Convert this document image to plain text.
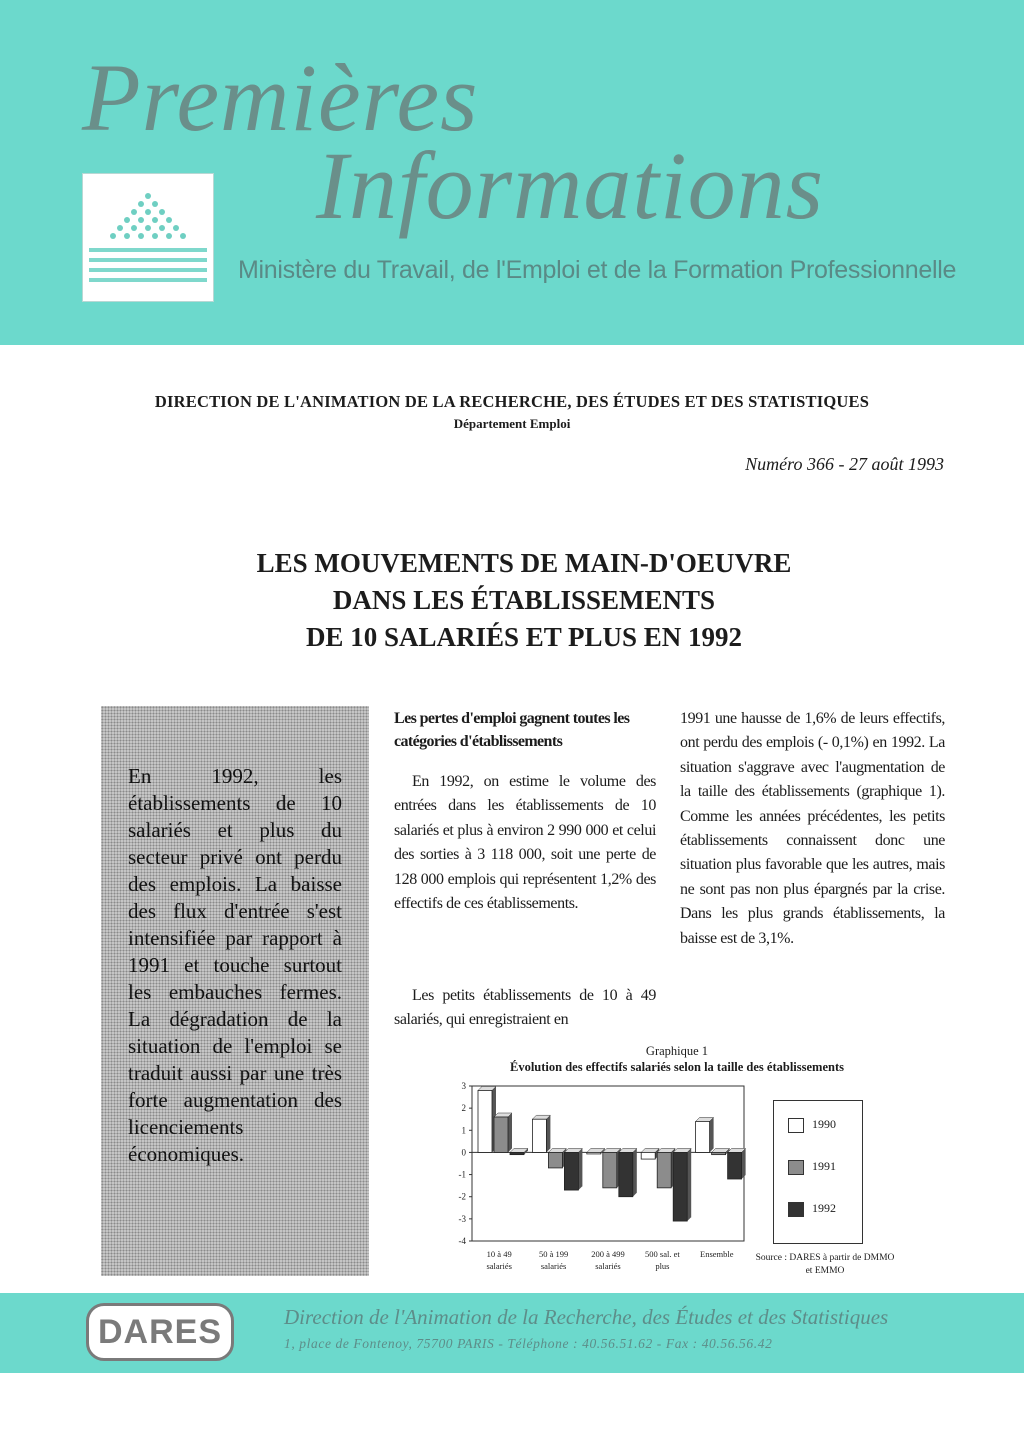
Premières
Informations
Ministère du Travail, de l'Emploi et de la Formation Professionnelle
DIRECTION DE L'ANIMATION DE LA RECHERCHE, DES ÉTUDES ET DES STATISTIQUES
Département Emploi
Numéro 366 - 27 août 1993
LES MOUVEMENTS DE MAIN-D'OEUVRE
DANS LES ÉTABLISSEMENTS
DE 10 SALARIÉS ET PLUS EN 1992
En 1992, les établissements de 10 salariés et plus du secteur privé ont perdu des emplois. La baisse des flux d'entrée s'est intensifiée par rapport à 1991 et touche surtout les embauches fermes. La dégradation de la situation de l'emploi se traduit aussi par une très forte augmentation des licenciements économiques.
Les pertes d'emploi gagnent toutes les catégories d'établissements
En 1992, on estime le volume des entrées dans les établissements de 10 salariés et plus à environ 2 990 000 et celui des sorties à 3 118 000, soit une perte de 128 000 emplois qui représentent 1,2% des effectifs de ces établissements.
Les petits établissements de 10 à 49 salariés, qui enregistraient en
1991 une hausse de 1,6% de leurs effectifs, ont perdu des emplois (- 0,1%) en 1992. La situation s'aggrave avec l'augmentation de la taille des établissements (graphique 1). Comme les années précédentes, les petits établissements connaissent donc une situation plus favorable que les autres, mais ne sont pas non plus épargnés par la crise. Dans les plus grands établissements, la baisse est de 3,1%.
Graphique 1
Évolution des effectifs salariés selon la taille des établissements
3
2
1
0
-1
-2
-3
-4
10 à 49
salariés
50 à 199
salariés
200 à 499
salariés
500 sal. et
plus
Ensemble
1990
1991
1992
Source : DARES à partir de DMMO et EMMO
DARES	Direction de l'Animation de la Recherche, des Études et des Statistiques
1, place de Fontenoy, 75700 PARIS - Téléphone : 40.56.51.62 - Fax : 40.56.56.42
